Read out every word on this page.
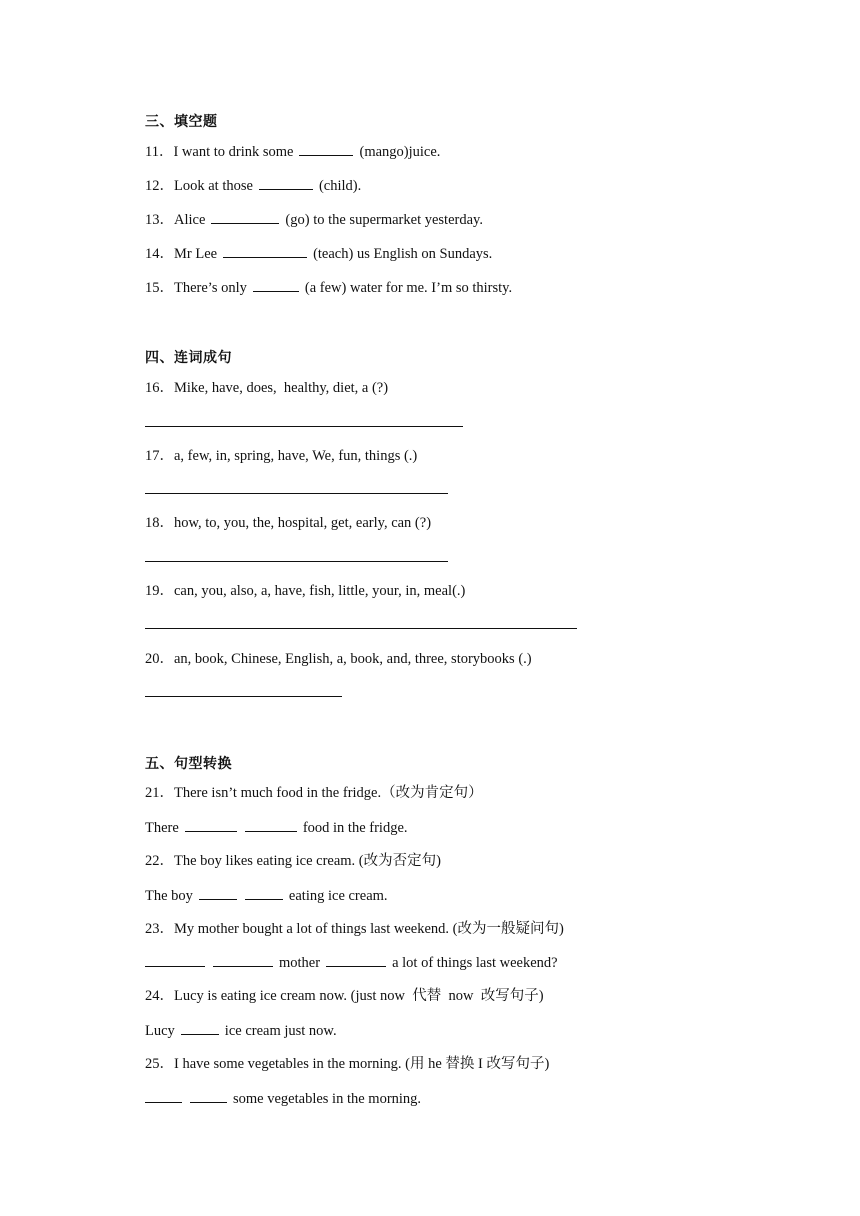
三、填空题
11．I want to drink some	(mango)juice.
12．Look at those	(child).
13．Alice	(go) to the supermarket yesterday.
14．Mr Lee	(teach) us English on Sundays.
15．There’s only	(a few) water for me. I’m so thirsty.
四、连词成句
16．Mike, have, does,  healthy, diet, a (?)
17．a, few, in, spring, have, We, fun, things (.)
18．how, to, you, the, hospital, get, early, can (?)
19．can, you, also, a, have, fish, little, your, in, meal(.)
20．an, book, Chinese, English, a, book, and, three, storybooks (.)
五、句型转换
21．There isn’t much food in the fridge.（改为肯定句）
There	food in the fridge.
22．The boy likes eating ice cream. (改为否定句)
The boy	eating ice cream.
23．My mother bought a lot of things last weekend. (改为一般疑问句)
mother	a lot of things last weekend?
24．Lucy is eating ice cream now. (just now  代替  now  改写句子)
Lucy	ice cream just now.
25．I have some vegetables in the morning. (用 he 替换 I 改写句子)
some vegetables in the morning.
